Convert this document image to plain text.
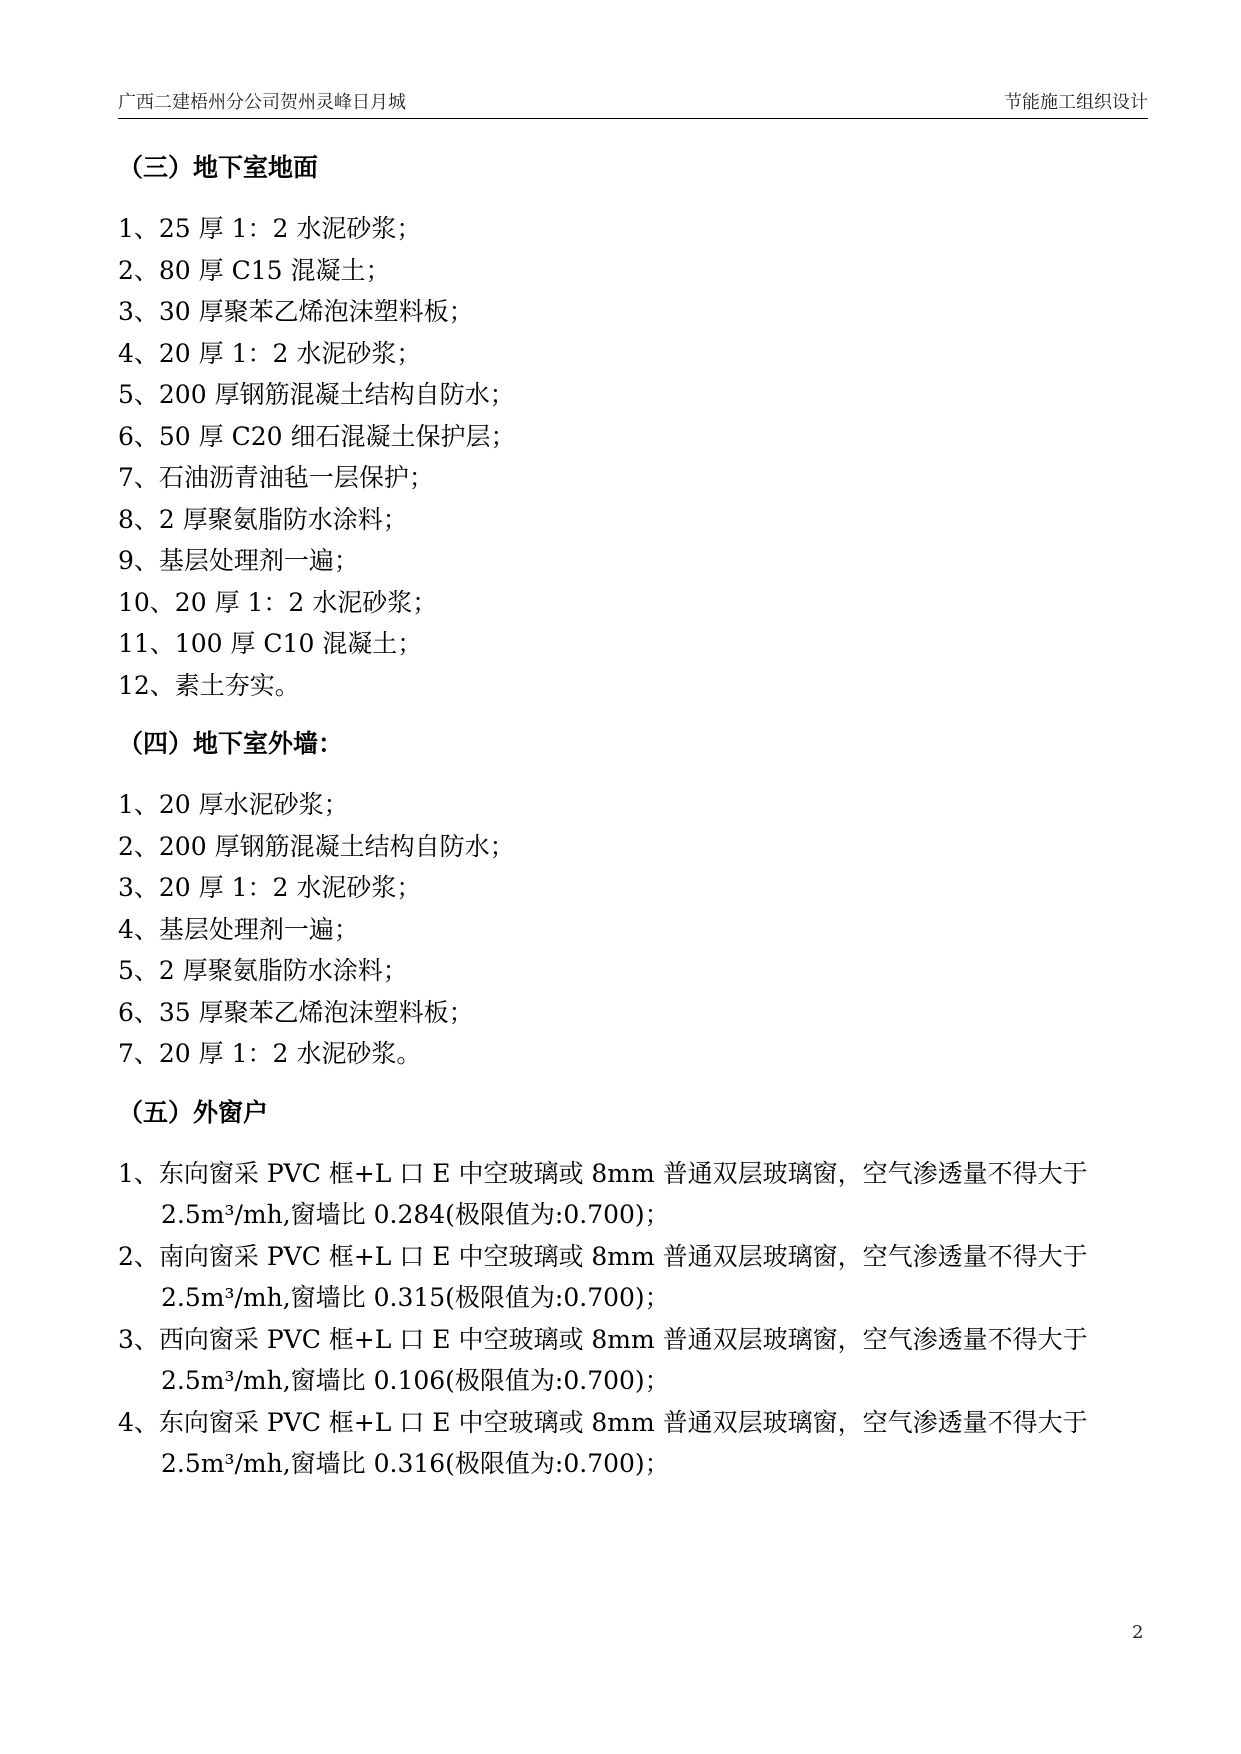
广西二建梧州分公司贺州灵峰日月城	节能施工组织设计
（三）地下室地面
1、25 厚 1：2 水泥砂浆；
2、80 厚 C15 混凝土；
3、30 厚聚苯乙烯泡沫塑料板；
4、20 厚 1：2 水泥砂浆；
5、200 厚钢筋混凝土结构自防水；
6、50 厚 C20 细石混凝土保护层；
7、石油沥青油毡一层保护；
8、2 厚聚氨脂防水涂料；
9、基层处理剂一遍；
10、20 厚 1：2 水泥砂浆；
11、100 厚 C10 混凝土；
12、素土夯实。
（四）地下室外墙：
1、20 厚水泥砂浆；
2、200 厚钢筋混凝土结构自防水；
3、20 厚 1：2 水泥砂浆；
4、基层处理剂一遍；
5、2 厚聚氨脂防水涂料；
6、35 厚聚苯乙烯泡沫塑料板；
7、20 厚 1：2 水泥砂浆。
（五）外窗户
1、东向窗采 PVC 框+L 口 E 中空玻璃或 8mm 普通双层玻璃窗，空气渗透量不得大于 2.5m³/mh,窗墙比 0.284(极限值为:0.700)；
2、南向窗采 PVC 框+L 口 E 中空玻璃或 8mm 普通双层玻璃窗，空气渗透量不得大于 2.5m³/mh,窗墙比 0.315(极限值为:0.700)；
3、西向窗采 PVC 框+L 口 E 中空玻璃或 8mm 普通双层玻璃窗，空气渗透量不得大于 2.5m³/mh,窗墙比 0.106(极限值为:0.700)；
4、东向窗采 PVC 框+L 口 E 中空玻璃或 8mm 普通双层玻璃窗，空气渗透量不得大于 2.5m³/mh,窗墙比 0.316(极限值为:0.700)；
2
